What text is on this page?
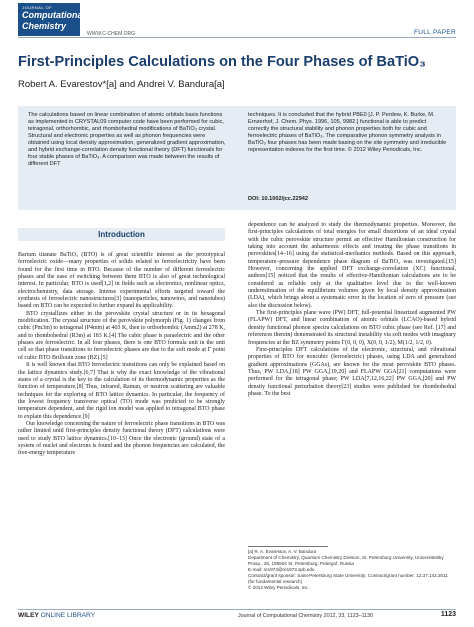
JOURNAL OF
Computational
Chemistry
WWW.C-CHEM.ORG	FULL PAPER
First-Principles Calculations on the Four Phases of BaTiO₃
Robert A. Evarestov*[a] and Andrei V. Bandura[a]
The calculations based on linear combination of atomic orbitals basis functions as implemented in CRYSTAL09 computer code have been performed for cubic, tetragonal, orthorhombic, and rhombohedral modifications of BaTiO₃ crystal. Structural and electronic properties as well as phonon frequencies were obtained using local density approximation, generalized gradient approximation, and hybrid exchange-correlation density functional theory (DFT) functionals for four stable phases of BaTiO₃. A comparison was made between the results of different DFT
techniques. It is concluded that the hybrid PBE0 [J. P. Perdew, K. Burke, M. Ernzerhof, J. Chem. Phys. 1996, 105, 9982.] functional is able to predict correctly the structural stability and phonon properties both for cubic and ferroelectric phases of BaTiO₃. The comparative phonon symmetry analysis in BaTiO₃ four phases has been made basing on the site symmetry and irreducible representation indexes for the first time. © 2012 Wiley Periodicals, Inc.
DOI: 10.1002/jcc.22942
Introduction

Barium titanate BaTiO₃ (BTO) is of great scientific interest as the prototypical ferroelectric oxide—many properties of solids related to ferroelectricity have been found for the first time in BTO. Because of the number of different ferroelectric phases and the ease of switching between them BTO is also of great technological interest. In particular, BTO is used[1,2] in fields such as electronics, nonlinear optics, electrochemistry, data storage. Intense experimental efforts targeted toward the synthesis of ferroelectric nanostructures[3] (nanoparticles, nanowires, and nanotubes) based on BTO can be expected to further expand its applicability.

BTO crystallizes either in the perovskite crystal structure or in its hexagonal modification. The crystal structure of the perovskite polymorph (Fig. 1) changes from cubic (Pm3m) to tetragonal (P4mm) at 403 K, then to orthorhombic (Amm2) at 278 K, and to rhombohedral (R3m) at 183 K.[4] The cubic phase is paraelectric and the other phases are ferroelectric. In all four phases, there is one BTO formula unit in the unit cell so that phase transitions to ferroelectric phases are due to the soft mode at Γ point of cubic BTO Brillouin zone (BZ).[5]

It is well known that BTO ferroelectric transitions can only be explained based on the lattice dynamics study.[6,7] That is why the exact knowledge of the vibrational states of a crystal is the key to the calculation of its thermodynamic properties as the function of temperature.[8] Thus, infrared, Raman, or neutron scattering are valuable techniques for the exploring of BTO lattice dynamics. In particular, the frequency of the lowest frequency transverse optical (TO) mode was predicted to be strongly temperature dependent, and the rigid ion model was applied to tetragonal BTO phase to explain this dependence.[9]

Our knowledge concerning the nature of ferroelectric phase transitions in BTO was rather limited until first-principles density functional theory (DFT) calculations were used to study BTO lattice dynamics.[10–13] Once the electronic (ground) state of a system of nuclei and electrons is found and the phonon frequencies are calculated, the free-energy temperature

dependence can be analyzed to study the thermodynamic properties. Moreover, the first-principles calculations of total energies for small distortions of an ideal crystal with the cubic perovskite structure permit an effective Hamiltonian construction for taking into account the anharmonic effects and treating the phase transitions in perovskites[14–16] using the statistical-mechanics methods. Based on this approach, temperature–pressure dependence phase diagram of BaTiO₃ was investigated.[15] However, concerning the applied DFT exchange-correlation (XC) functional, authors[15] noticed that the results of effective-Hamiltonian calculations are to be considered as reliable only at the qualitative level due to the well-known underestimation of the equilibrium volumes given by local density approximation (LDA), which brings about a systematic error in the location of zero of pressure (see also the discussion below).

The first-principles plane wave (PW) DFT, full-potential linearized augmented PW (FLAPW) DFT, and linear combination of atomic orbitals (LCAO)-based hybrid density functional phonon spectra calculations on BTO cubic phase (see Ref. [17] and references therein) demonstrated its structural instability via soft modes with imaginary frequencies at the BZ symmetry points Γ(0, 0, 0), X(0, 0, 1/2), M(1/2, 1/2, 0).

First-principles DFT calculations of the electronic, structural, and vibrational properties of BTO for noncubic (ferroelectric) phases, using LDA and generalized gradient approximations (GGAs), are known for the most perovskite BTO phases. Thus, PW LDA,[18] PW GGA,[19,20] and FLAPW GGA[21] computations were performed for the tetragonal phase; PW LDA[7,12,16,22] PW GGA,[20] and PW density functional perturbation theory[23] studies were published for rhombohedral phase. To the best

[a] R. A. Evarestov, A. V. Bandura
Department of Chemistry, Quantum Chemistry Division, St. Petersburg University, Universitetsky Prosp., 26, 198504 St. Petersburg, Petergof, Russia
E-mail: re1973@re1973.spb.edu
Contract/grant sponsor: Saint-Petersburg State University; Contract/grant number: 12.37.142.2011 (for fundamental research)
© 2012 Wiley Periodicals, Inc.
WILEY ONLINE LIBRARY	Journal of Computational Chemistry 2012, 33, 1123–1130	1123
